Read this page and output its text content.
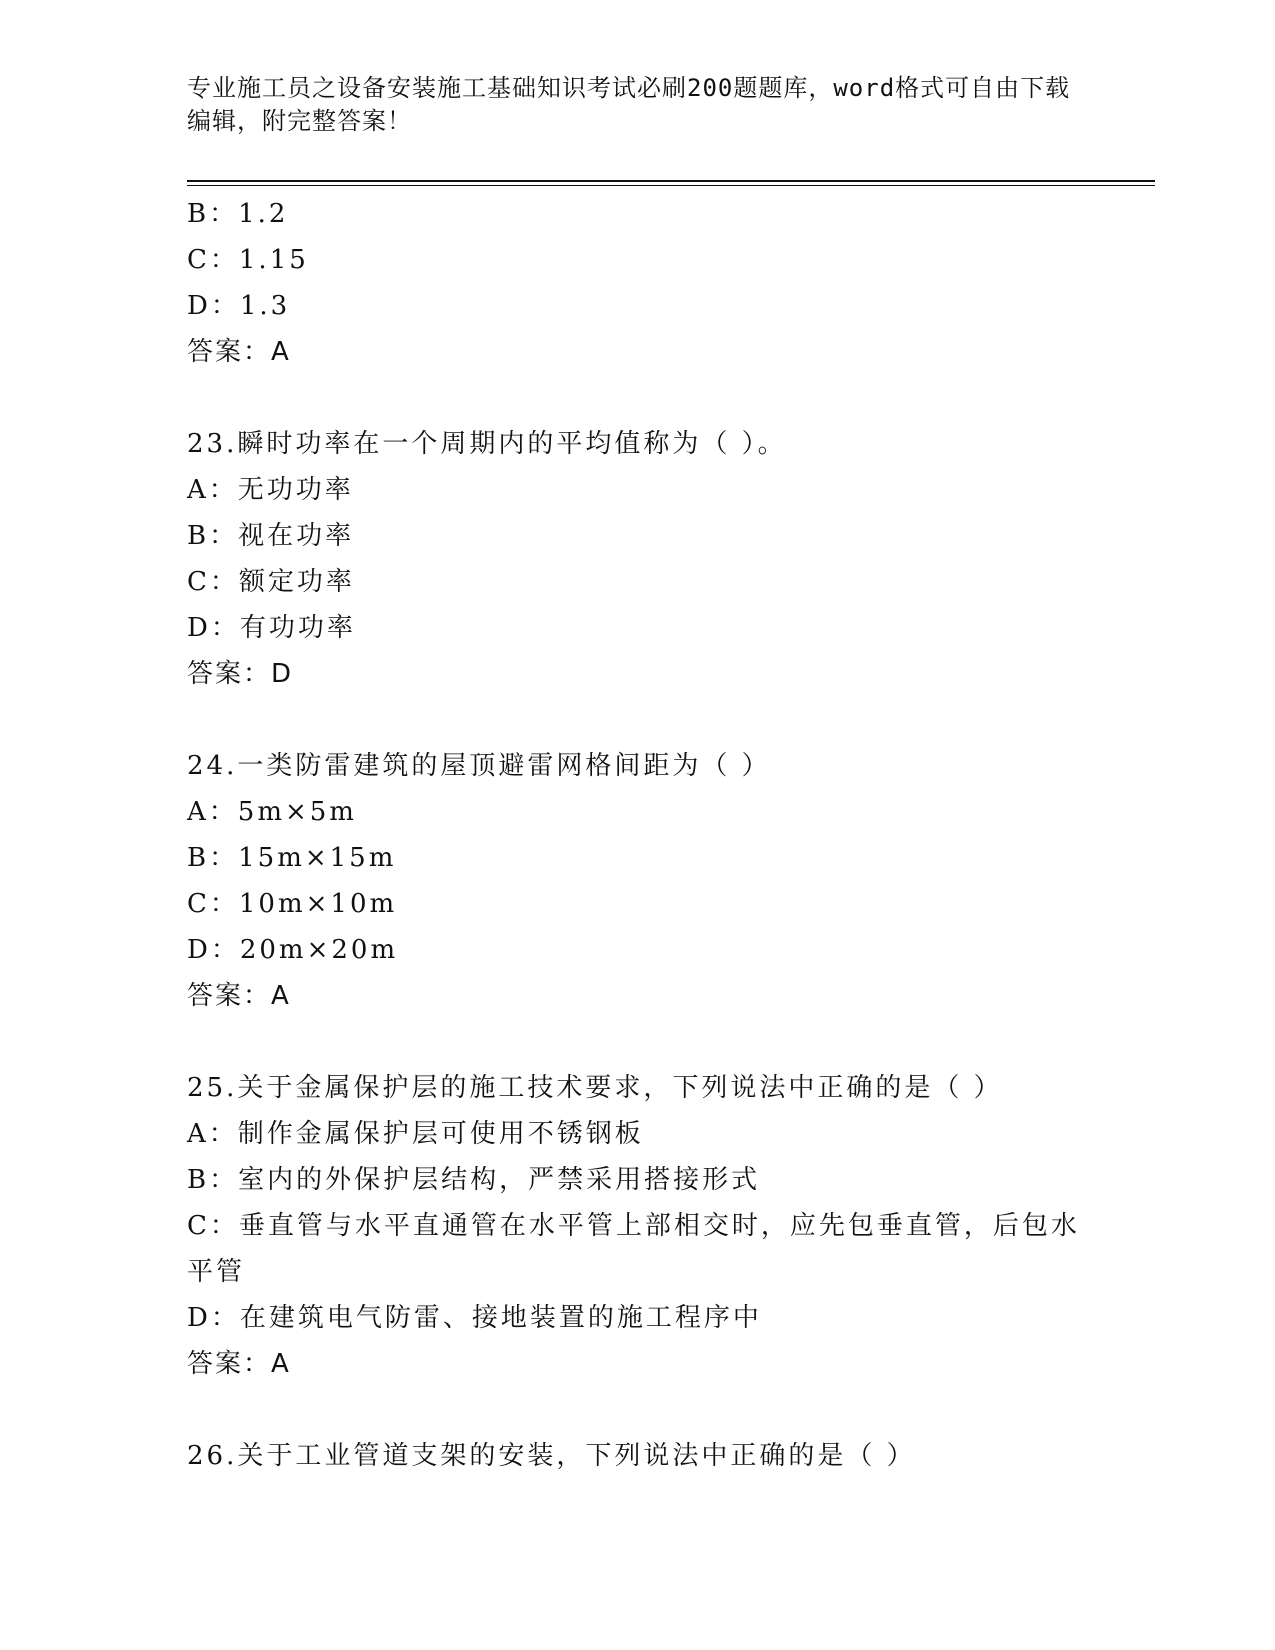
专业施工员之设备安装施工基础知识考试必刷200题题库，word格式可自由下载编辑，附完整答案！
B：1.2
C：1.15
D：1.3
答案：A
23.瞬时功率在一个周期内的平均值称为（ ）。
A：无功功率
B：视在功率
C：额定功率
D：有功功率
答案：D
24.一类防雷建筑的屋顶避雷网格间距为（ ）
A：5m×5m
B：15m×15m
C：10m×10m
D：20m×20m
答案：A
25.关于金属保护层的施工技术要求，下列说法中正确的是（ ）
A：制作金属保护层可使用不锈钢板
B：室内的外保护层结构，严禁采用搭接形式
C：垂直管与水平直通管在水平管上部相交时，应先包垂直管，后包水平管
D：在建筑电气防雷、接地装置的施工程序中
答案：A
26.关于工业管道支架的安装，下列说法中正确的是（ ）
